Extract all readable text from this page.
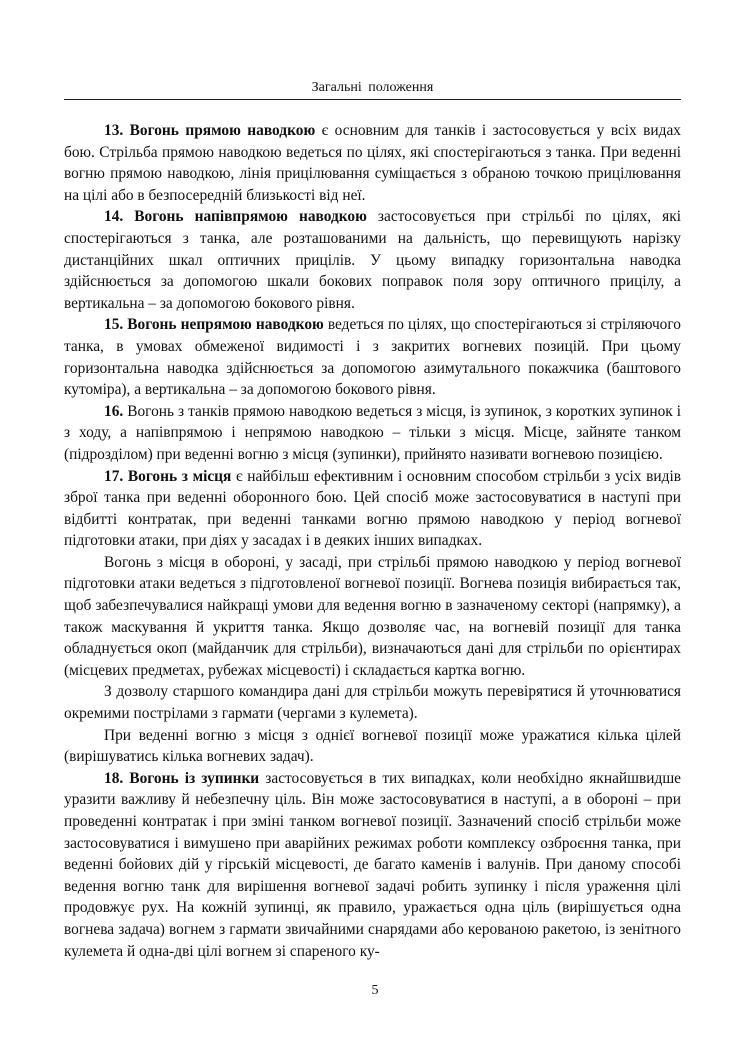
Загальні положення

13. Вогонь прямою наводкою є основним для танків і застосовується у всіх видах бою. Стрільба прямою наводкою ведеться по цілях, які спостерігаються з танка. При веденні вогню прямою наводкою, лінія прицілювання суміщається з обраною точкою прицілювання на цілі або в безпосередній близькості від неї.

14. Вогонь напівпрямою наводкою застосовується при стрільбі по цілях, які спостерігаються з танка, але розташованими на дальність, що перевищують нарізку дистанційних шкал оптичних прицілів. У цьому випадку горизонтальна наводка здійснюється за допомогою шкали бокових поправок поля зору оптичного прицілу, а вертикальна – за допомогою бокового рівня.

15. Вогонь непрямою наводкою ведеться по цілях, що спостерігаються зі стріляючого танка, в умовах обмеженої видимості і з закритих вогневих позицій. При цьому горизонтальна наводка здійснюється за допомогою азимутального покажчика (баштового кутоміра), а вертикальна – за допомогою бокового рівня.

16. Вогонь з танків прямою наводкою ведеться з місця, із зупинок, з коротких зупинок і з ходу, а напівпрямою і непрямою наводкою – тільки з місця. Місце, зайняте танком (підрозділом) при веденні вогню з місця (зупинки), прийнято називати вогневою позицією.

17. Вогонь з місця є найбільш ефективним і основним способом стрільби з усіх видів зброї танка при веденні оборонного бою. Цей спосіб може застосовуватися в наступі при відбитті контратак, при веденні танками вогню прямою наводкою у період вогневої підготовки атаки, при діях у засадах і в деяких інших випадках.

Вогонь з місця в обороні, у засаді, при стрільбі прямою наводкою у період вогневої підготовки атаки ведеться з підготовленої вогневої позиції. Вогнева позиція вибирається так, щоб забезпечувалися найкращі умови для ведення вогню в зазначеному секторі (напрямку), а також маскування й укриття танка. Якщо дозволяє час, на вогневій позиції для танка обладнується окоп (майданчик для стрільби), визначаються дані для стрільби по орієнтирах (місцевих предметах, рубежах місцевості) і складається картка вогню.

З дозволу старшого командира дані для стрільби можуть перевірятися й уточнюватися окремими пострілами з гармати (чергами з кулемета).

При веденні вогню з місця з однієї вогневої позиції може уражатися кілька цілей (вирішуватись кілька вогневих задач).

18. Вогонь із зупинки застосовується в тих випадках, коли необхідно якнайшвидше уразити важливу й небезпечну ціль. Він може застосовуватися в наступі, а в обороні – при проведенні контратак і при зміні танком вогневої позиції. Зазначений спосіб стрільби може застосовуватися і вимушено при аварійних режимах роботи комплексу озброєння танка, при веденні бойових дій у гірській місцевості, де багато каменів і валунів. При даному способі ведення вогню танк для вирішення вогневої задачі робить зупинку і після ураження цілі продовжує рух. На кожній зупинці, як правило, уражається одна ціль (вирішується одна вогнева задача) вогнем з гармати звичайними снарядами або керованою ракетою, із зенітного кулемета й одна-дві цілі вогнем зі спареного ку-

5
